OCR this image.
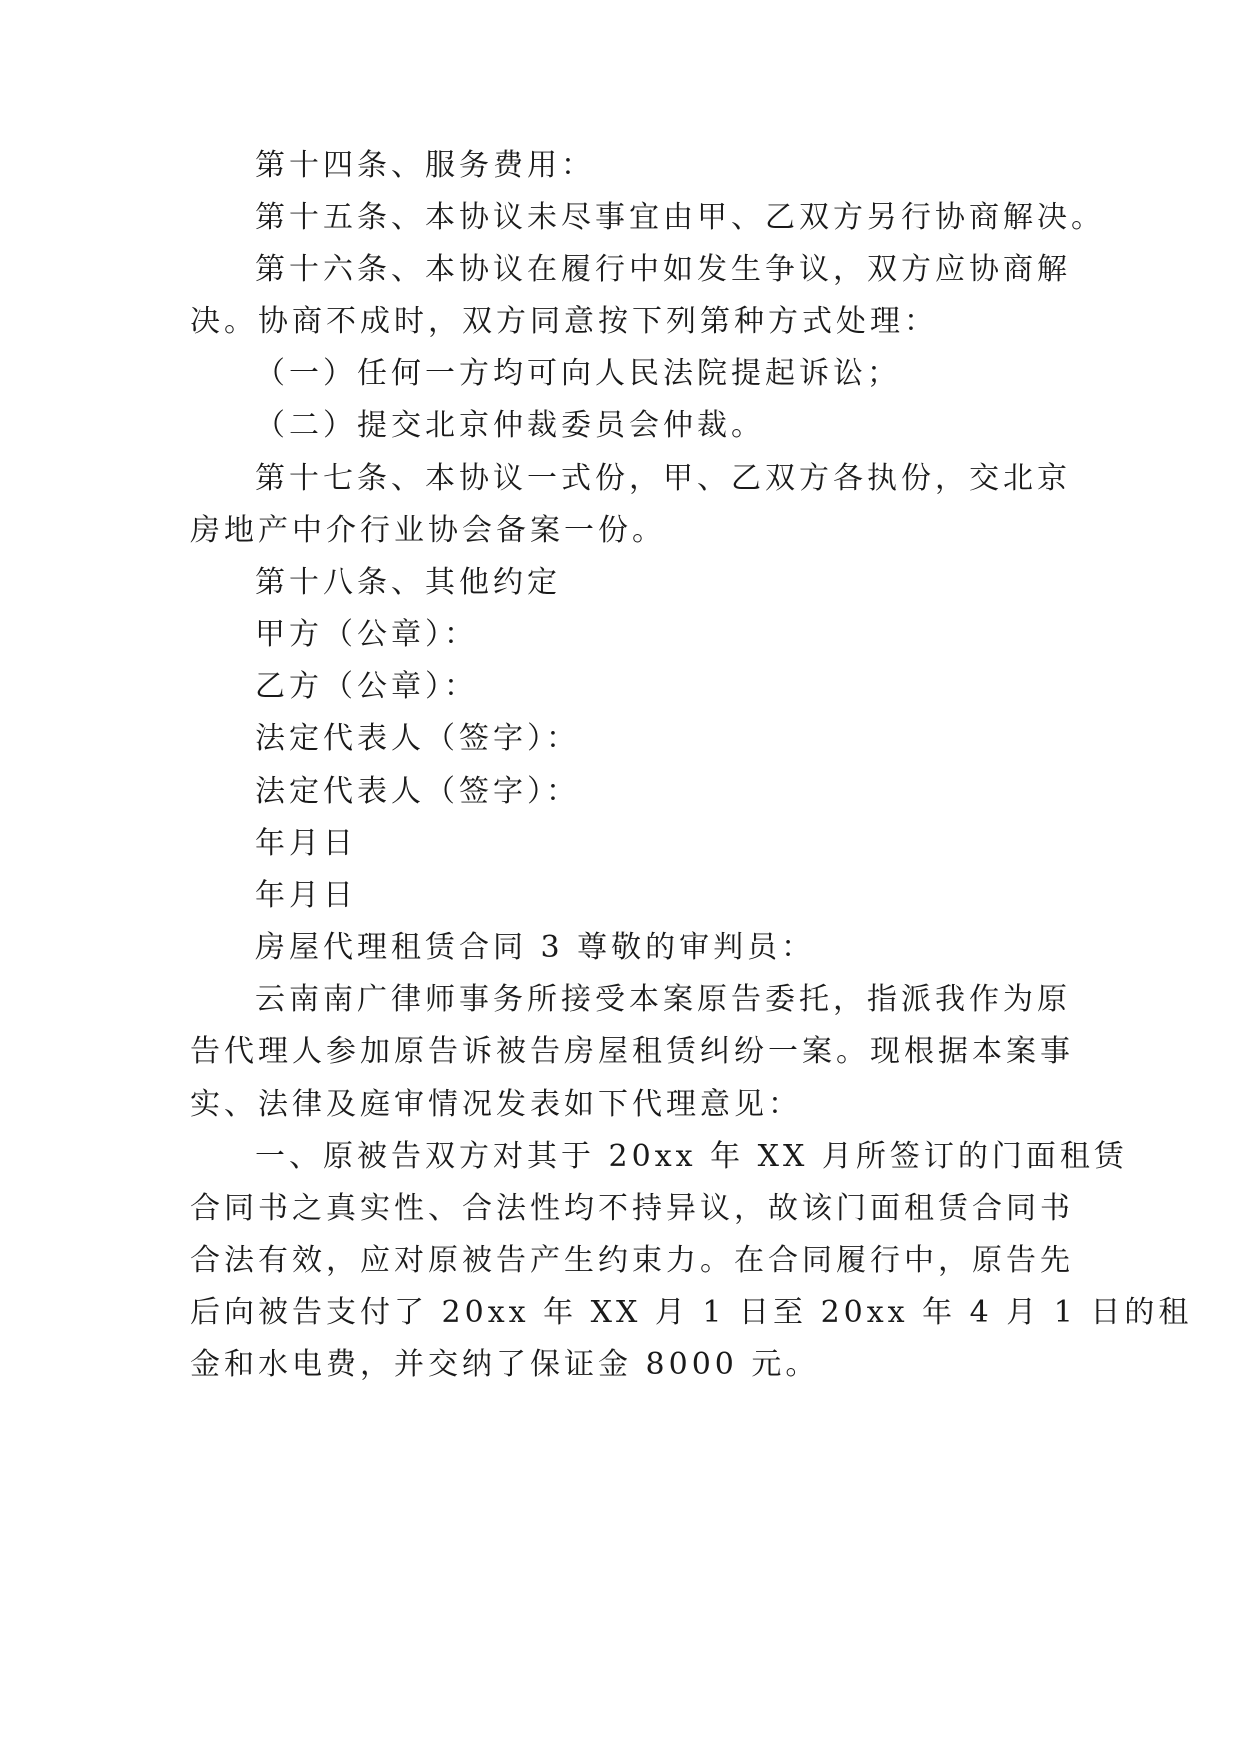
第十四条、服务费用：
第十五条、本协议未尽事宜由甲、乙双方另行协商解决。
第十六条、本协议在履行中如发生争议，双方应协商解
决。协商不成时，双方同意按下列第种方式处理：
（一）任何一方均可向人民法院提起诉讼；
（二）提交北京仲裁委员会仲裁。
第十七条、本协议一式份，甲、乙双方各执份，交北京
房地产中介行业协会备案一份。
第十八条、其他约定
甲方（公章）：
乙方（公章）：
法定代表人（签字）：
法定代表人（签字）：
年月日
年月日
房屋代理租赁合同 3 尊敬的审判员：
云南南广律师事务所接受本案原告委托，指派我作为原
告代理人参加原告诉被告房屋租赁纠纷一案。现根据本案事
实、法律及庭审情况发表如下代理意见：
一、原被告双方对其于 20xx 年 XX 月所签订的门面租赁
合同书之真实性、合法性均不持异议，故该门面租赁合同书
合法有效，应对原被告产生约束力。在合同履行中，原告先
后向被告支付了 20xx 年 XX 月 1 日至 20xx 年 4 月 1 日的租
金和水电费，并交纳了保证金 8000 元。
